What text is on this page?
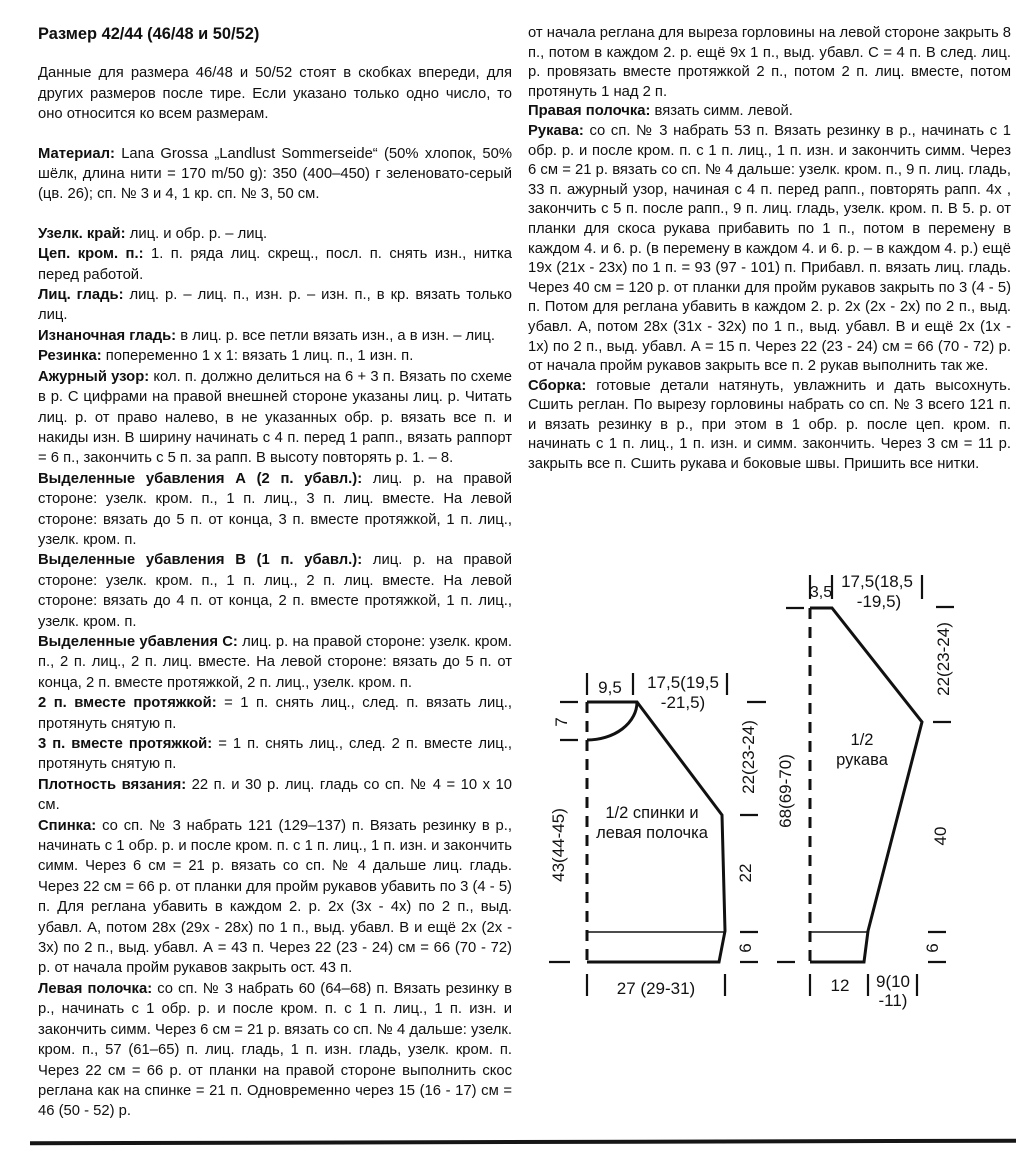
Размер 42/44 (46/48 и 50/52)

Данные для размера 46/48 и 50/52 стоят в скобках впереди, для других размеров после тире. Если указано только одно число, то оно относится ко всем размерам.

Материал: Lana Grossa „Landlust Sommerseide“ (50% хлопок, 50% шёлк, длина нити = 170 m/50 g): 350 (400–450) г зеленовато-серый (цв. 26); сп. № 3 и 4, 1 кр. сп. № 3, 50 см.

Узелк. край: лиц. и обр. р. – лиц.

Цеп. кром. п.: 1. п. ряда лиц. скрещ., посл. п. снять изн., нитка перед работой.

Лиц. гладь: лиц. р. – лиц. п., изн. р. – изн. п., в кр. вязать только лиц.

Изнаночная гладь: в лиц. р. все петли вязать изн., а в изн. – лиц.

Резинка: попеременно 1 х 1: вязать 1 лиц. п., 1 изн. п.

Ажурный узор: кол. п. должно делиться на 6 + 3 п. Вязать по схеме в р. С цифрами на правой внешней стороне указаны лиц. р. Читать лиц. р. от право налево, в не указанных обр. р. вязать все п. и накиды изн. В ширину начинать с 4 п. перед 1 рапп., вязать раппорт = 6 п., закончить с 5 п. за рапп. В высоту повторять р. 1. – 8.

Выделенные убавления А (2 п. убавл.): лиц. р. на правой стороне: узелк. кром. п., 1 п. лиц., 3 п. лиц. вместе. На левой стороне: вязать до 5 п. от конца, 3 п. вместе протяжкой, 1 п. лиц., узелк. кром. п.

Выделенные убавления В (1 п. убавл.): лиц. р. на правой стороне: узелк. кром. п., 1 п. лиц., 2 п. лиц. вместе. На левой стороне: вязать до 4 п. от конца, 2 п. вместе протяжкой, 1 п. лиц., узелк. кром. п.

Выделенные убавления С: лиц. р. на правой стороне: узелк. кром. п., 2 п. лиц., 2 п. лиц. вместе. На левой стороне: вязать до 5 п. от конца, 2 п. вместе протяжкой, 2 п. лиц., узелк. кром. п.

2 п. вместе протяжкой: = 1 п. снять лиц., след. п. вязать лиц., протянуть снятую п.

3 п. вместе протяжкой: = 1 п. снять лиц., след. 2 п. вместе лиц., протянуть снятую п.

Плотность вязания: 22 п. и 30 р. лиц. гладь со сп. № 4 = 10 х 10 см.

Спинка: со сп. № 3 набрать 121 (129–137) п. Вязать резинку в р., начинать с 1 обр. р. и после кром. п. с 1 п. лиц., 1 п. изн. и закончить симм. Через 6 см = 21 р. вязать со сп. № 4 дальше лиц. гладь. Через 22 см = 66 р. от планки для пройм рукавов убавить по 3 (4 - 5) п. Для реглана убавить в каждом 2. р. 2x (3x - 4x) по 2 п., выд. убавл. А, потом 28x (29x - 28x) по 1 п., выд. убавл. В и ещё 2x (2x - 3x) по 2 п., выд. убавл. А = 43 п. Через 22 (23 - 24) см = 66 (70 - 72) р. от начала пройм рукавов закрыть ост. 43 п.

Левая полочка: со сп. № 3 набрать 60 (64–68) п. Вязать резинку в р., начинать с 1 обр. р. и после кром. п. с 1 п. лиц., 1 п. изн. и закончить симм. Через 6 см = 21 р. вязать со сп. № 4 дальше: узелк. кром. п., 57 (61–65) п. лиц. гладь, 1 п. изн. гладь, узелк. кром. п. Через 22 см = 66 р. от планки на правой стороне выполнить скос реглана как на спинке = 21 п. Одновременно через 15 (16 - 17) см = 46 (50 - 52) р.

от начала реглана для выреза горловины на левой стороне закрыть 8 п., потом в каждом 2. р. ещё 9x 1 п., выд. убавл. С = 4 п. В след. лиц. р. провязать вместе протяжкой 2 п., потом 2 п. лиц. вместе, потом протянуть 1 над 2 п.

Правая полочка: вязать симм. левой.

Рукава: со сп. № 3 набрать 53 п. Вязать резинку в р., начинать с 1 обр. р. и после кром. п. с 1 п. лиц., 1 п. изн. и закончить симм. Через 6 см = 21 р. вязать со сп. № 4 дальше: узелк. кром. п., 9 п. лиц. гладь, 33 п. ажурный узор, начиная с 4 п. перед рапп., повторять рапп. 4x , закончить с 5 п. после рапп., 9 п. лиц. гладь, узелк. кром. п. В 5. р. от планки для скоса рукава прибавить по 1 п., потом в перемену в каждом 4. и 6. р. (в перемену в каждом 4. и 6. р. – в каждом 4. р.) ещё 19x (21x - 23x) по 1 п. = 93 (97 - 101) п. Прибавл. п. вязать лиц. гладь. Через 40 см = 120 р. от планки для пройм рукавов закрыть по 3 (4 - 5) п. Потом для реглана убавить в каждом 2. р. 2x (2x - 2x) по 2 п., выд. убавл. А, потом 28x (31x - 32x) по 1 п., выд. убавл. В и ещё 2x (1x - 1x) по 2 п., выд. убавл. А = 15 п. Через 22 (23 - 24) см = 66 (70 - 72) р. от начала пройм рукавов закрыть все п. 2 рукав выполнить так же.

Сборка: готовые детали натянуть, увлажнить и дать высохнуть. Сшить реглан. По вырезу горловины набрать со сп. № 3 всего 121 п. и вязать резинку в р., при этом в 1 обр. р. после цеп. кром. п. начинать с 1 п. лиц., 1 п. изн. и симм. закончить. Через 3 см = 11 р. закрыть все п. Сшить рукава и боковые швы. Пришить все нитки.

9,5 17,5(19,5
-21,5)
7
43(44-45)
22(23-24)
22
6
27 (29-31)
1/2 спинки и
левая полочка
3,5
17,5(18,5
-19,5)
22(23-24)
40
6
68(69-70)
12 9(10
-11)
1/2
рукава
